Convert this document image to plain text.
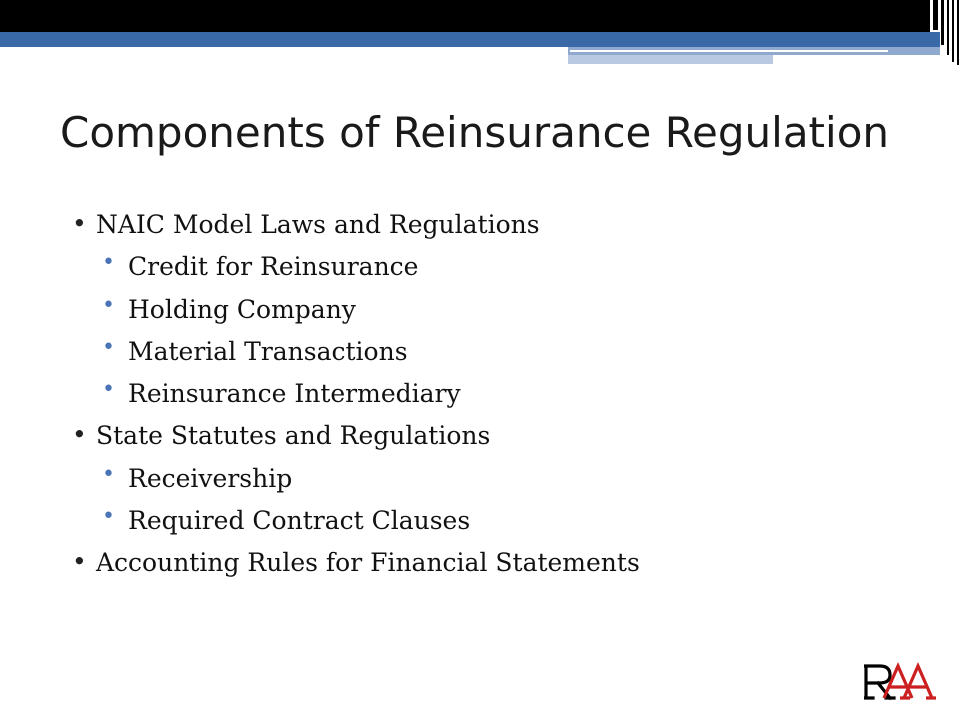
Components of Reinsurance Regulation
• NAIC Model Laws and Regulations
• Credit for Reinsurance
• Holding Company
• Material Transactions
• Reinsurance Intermediary
• State Statutes and Regulations
• Receivership
• Required Contract Clauses
• Accounting Rules for Financial Statements
